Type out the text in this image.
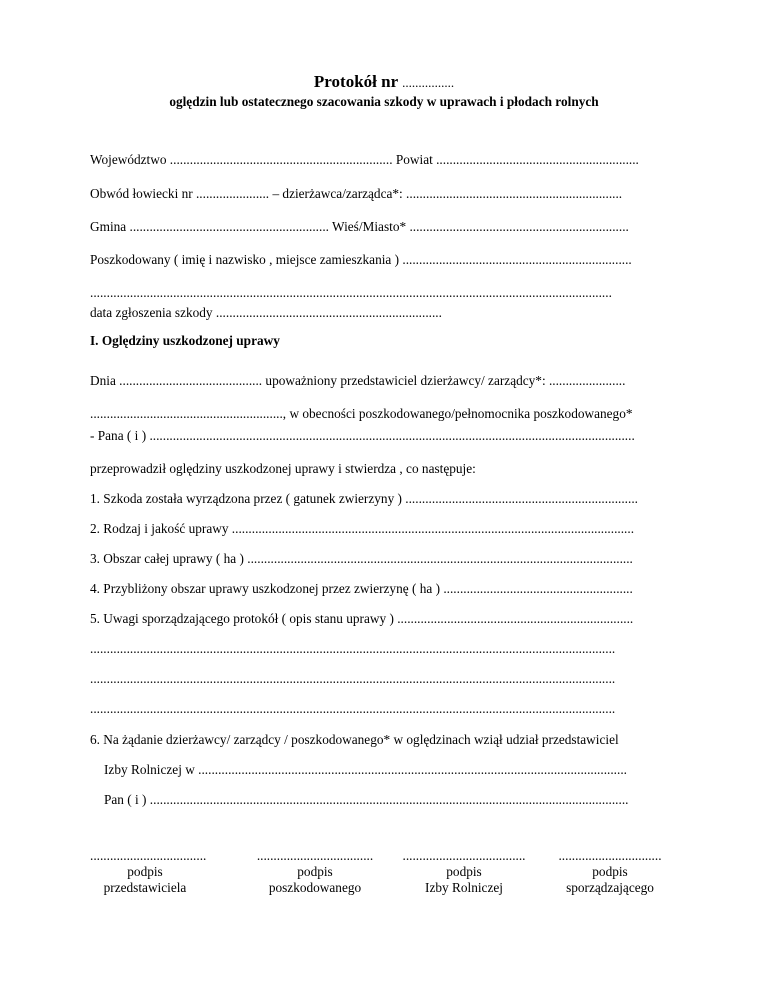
Protokół nr ................
oględzin lub ostatecznego szacowania szkody w uprawach i płodach rolnych
Województwo ................................................................... Powiat .............................................................
Obwód łowiecki nr ...................... – dzierżawca/zarządca*: .................................................................
Gmina ............................................................ Wieś/Miasto* ..................................................................
Poszkodowany ( imię i nazwisko , miejsce zamieszkania ) .....................................................................
.............................................................................................................................................................
data zgłoszenia szkody ....................................................................
I. Oględziny uszkodzonej uprawy
Dnia ........................................... upoważniony przedstawiciel dzierżawcy/ zarządcy*: .......................
.........................................................., w obecności poszkodowanego/pełnomocnika poszkodowanego*
- Pana ( i ) ..................................................................................................................................................
przeprowadził oględziny uszkodzonej uprawy i stwierdza , co następuje:
1. Szkoda została wyrządzona przez ( gatunek zwierzyny ) ......................................................................
2. Rodzaj i jakość uprawy .........................................................................................................................
3. Obszar całej uprawy ( ha ) ....................................................................................................................
4. Przybliżony obszar uprawy uszkodzonej przez zwierzynę ( ha ) .........................................................
5. Uwagi sporządzającego protokół ( opis stanu uprawy ) .......................................................................
..............................................................................................................................................................
..............................................................................................................................................................
..............................................................................................................................................................
6. Na żądanie dzierżawcy/ zarządcy / poszkodowanego* w oględzinach wziął udział przedstawiciel
Izby Rolniczej w .................................................................................................................................
Pan ( i ) ................................................................................................................................................
...................................
podpis
przedstawiciela
...................................
podpis
poszkodowanego
.....................................
podpis
Izby Rolniczej
...............................
podpis
sporządzającego
